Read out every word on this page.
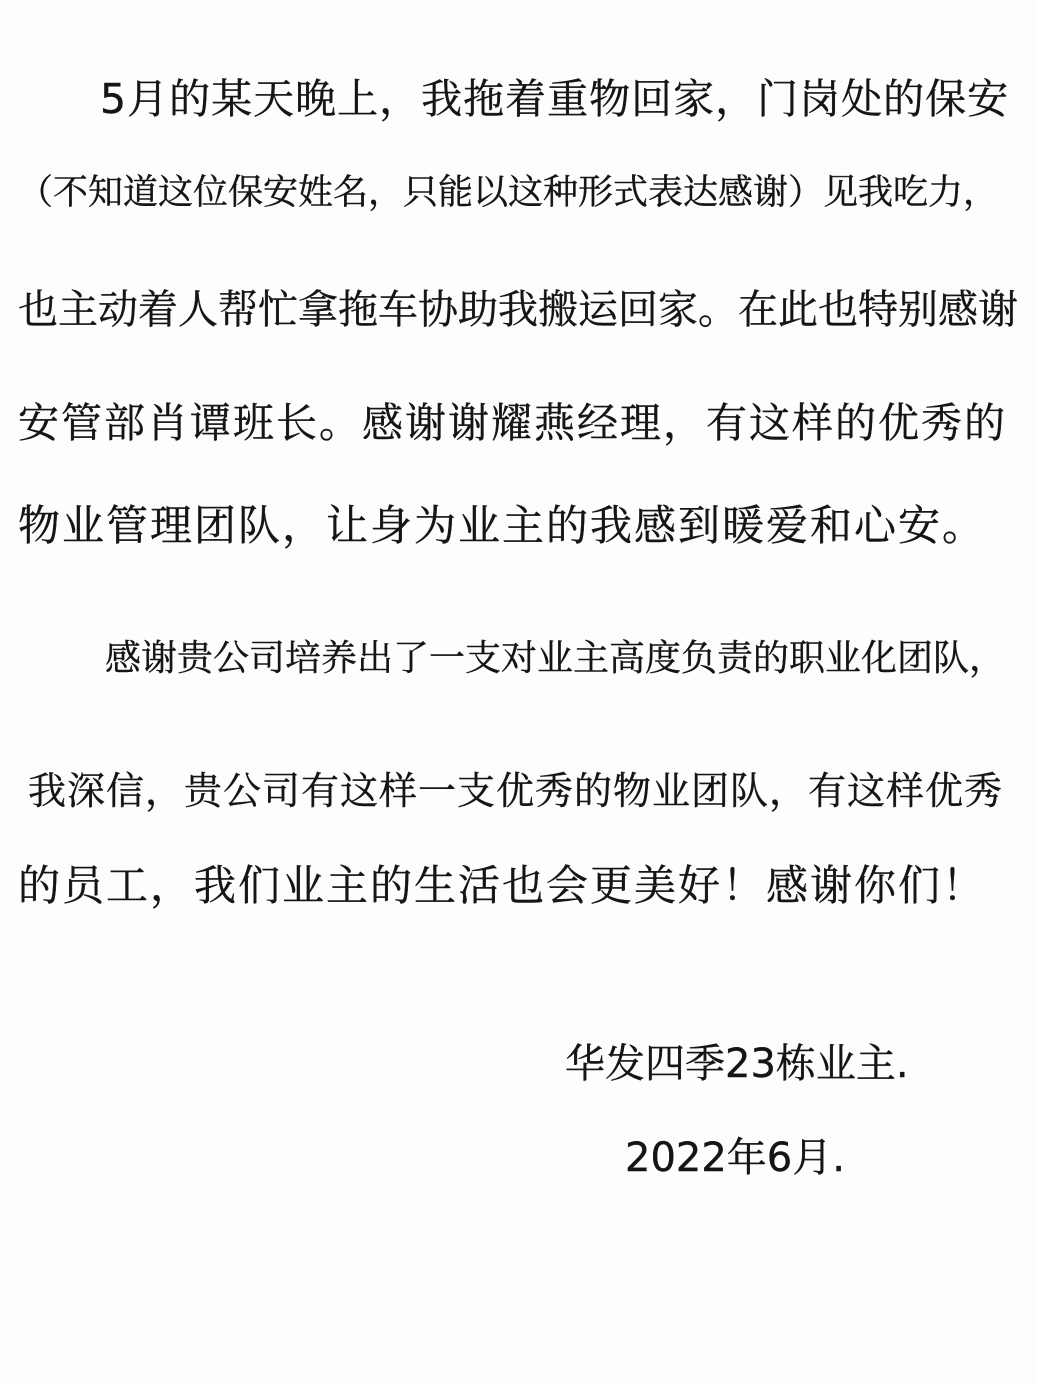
5月的某天晚上，我拖着重物回家，门岗处的保安
（不知道这位保安姓名，只能以这种形式表达感谢）见我吃力，
也主动着人帮忙拿拖车协助我搬运回家。在此也特别感谢
安管部肖谭班长。感谢谢耀燕经理，有这样的优秀的
物业管理团队，让身为业主的我感到暖爱和心安。
感谢贵公司培养出了一支对业主高度负责的职业化团队，
我深信，贵公司有这样一支优秀的物业团队，有这样优秀
的员工，我们业主的生活也会更美好！感谢你们！
华发四季23栋业主.
2022年6月.
